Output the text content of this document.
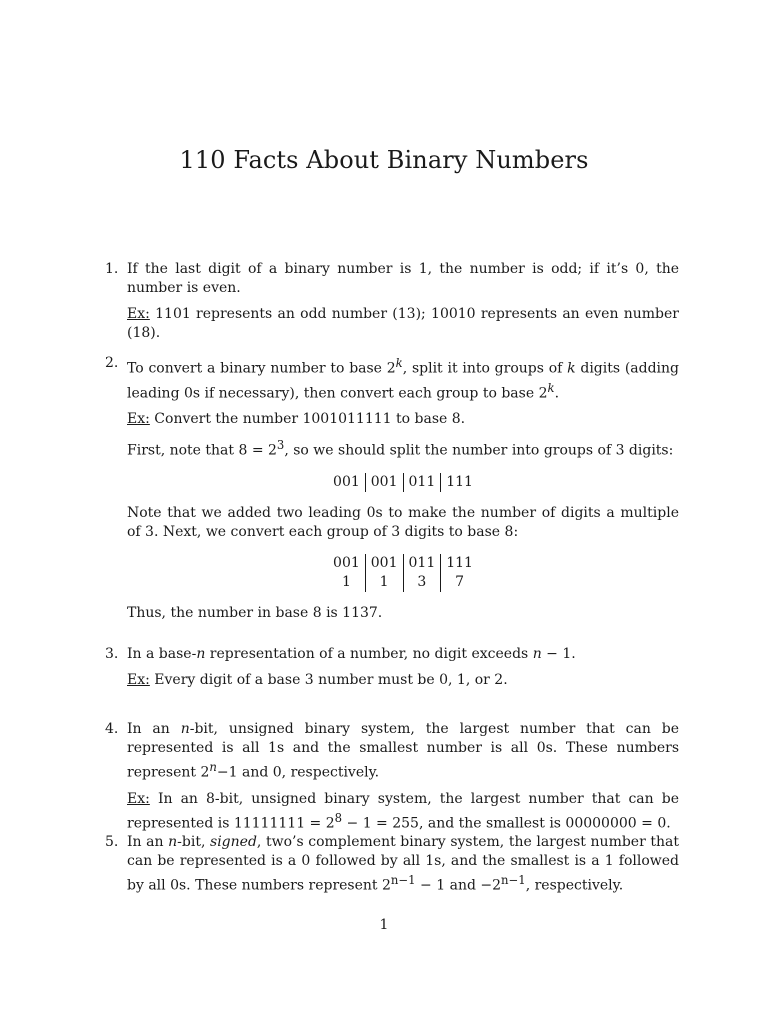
110 Facts About Binary Numbers
1. If the last digit of a binary number is 1, the number is odd; if it’s 0, the number is even.

Ex: 1101 represents an odd number (13); 10010 represents an even number (18).

2. To convert a binary number to base 2$^k$, split it into groups of k digits (adding leading 0s if necessary), then convert each group to base 2$^k$.

Ex: Convert the number 1001011111 to base 8.

First, note that $8 = 2^3$, so we should split the number into groups of 3 digits:

001 001 011 111

Note that we added two leading 0s to make the number of digits a multiple of 3. Next, we convert each group of 3 digits to base 8:

001	001	011	111
1	1	3	7

Thus, the number in base 8 is 1137.

3. In a base-n representation of a number, no digit exceeds n − 1.

Ex: Every digit of a base 3 number must be 0, 1, or 2.

4. In an n-bit, unsigned binary system, the largest number that can be represented is all 1s and the smallest number is all 0s. These numbers represent $2^n-1$ and 0, respectively.

Ex: In an 8-bit, unsigned binary system, the largest number that can be represented is $11111111 = 2^8 - 1 = 255$, and the smallest is 00000000 = 0.

5. In an n-bit, signed, two’s complement binary system, the largest number that can be represented is a 0 followed by all 1s, and the smallest is a 1 followed by all 0s. These numbers represent $2^{n-1} - 1$ and $-2^{n-1}$, respectively.

1
